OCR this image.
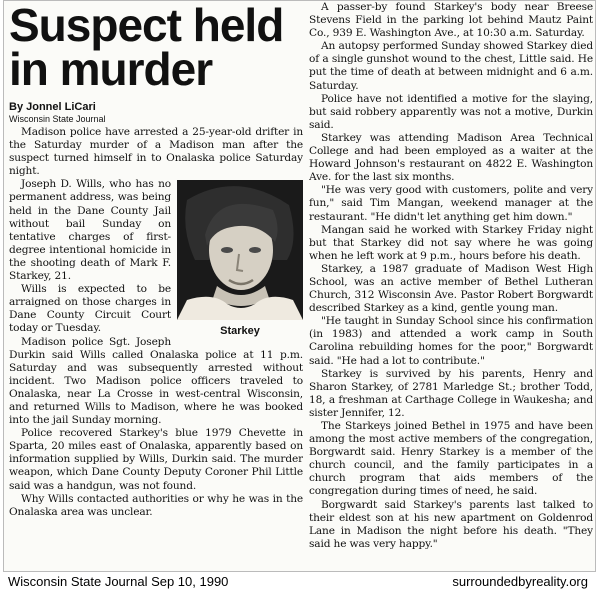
Suspect held in murder
By Jonnel LiCari
Wisconsin State Journal

Madison police have arrested a 25-year-old drifter in the Saturday murder of a Madison man after the suspect turned himself in to Onalaska police Saturday night.

Starkey

Joseph D. Wills, who has no permanent address, was being held in the Dane County Jail without bail Sunday on tentative charges of first-degree intentional homicide in the shooting death of Mark F. Starkey, 21.

Wills is expected to be arraigned on those charges in Dane County Circuit Court today or Tuesday.

Madison police Sgt. Joseph Durkin said Wills called Onalaska police at 11 p.m. Saturday and was subsequently arrested without incident. Two Madison police officers traveled to Onalaska, near La Crosse in west-central Wisconsin, and returned Wills to Madison, where he was booked into the jail Sunday morning.

Police recovered Starkey's blue 1979 Chevette in Sparta, 20 miles east of Onalaska, apparently based on information supplied by Wills, Durkin said. The murder weapon, which Dane County Deputy Coroner Phil Little said was a handgun, was not found.

Why Wills contacted authorities or why he was in the Onalaska area was unclear.

A passer-by found Starkey's body near Breese Stevens Field in the parking lot behind Mautz Paint Co., 939 E. Washington Ave., at 10:30 a.m. Saturday.

An autopsy performed Sunday showed Starkey died of a single gunshot wound to the chest, Little said. He put the time of death at between midnight and 6 a.m. Saturday.

Police have not identified a motive for the slaying, but said robbery apparently was not a motive, Durkin said.

Starkey was attending Madison Area Technical College and had been employed as a waiter at the Howard Johnson's restaurant on 4822 E. Washington Ave. for the last six months.

"He was very good with customers, polite and very fun," said Tim Mangan, weekend manager at the restaurant. "He didn't let anything get him down."

Mangan said he worked with Starkey Friday night but that Starkey did not say where he was going when he left work at 9 p.m., hours before his death.

Starkey, a 1987 graduate of Madison West High School, was an active member of Bethel Lutheran Church, 312 Wisconsin Ave. Pastor Robert Borgwardt described Starkey as a kind, gentle young man.

"He taught in Sunday School since his confirmation (in 1983) and attended a work camp in South Carolina rebuilding homes for the poor," Borgwardt said. "He had a lot to contribute."

Starkey is survived by his parents, Henry and Sharon Starkey, of 2781 Marledge St.; brother Todd, 18, a freshman at Carthage College in Waukesha; and sister Jennifer, 12.

The Starkeys joined Bethel in 1975 and have been among the most active members of the congregation, Borgwardt said. Henry Starkey is a member of the church council, and the family participates in a church program that aids members of the congregation during times of need, he said.

Borgwardt said Starkey's parents last talked to their eldest son at his new apartment on Goldenrod Lane in Madison the night before his death. "They said he was very happy."

Wisconsin State Journal Sep 10, 1990	surroundedbyreality.org
